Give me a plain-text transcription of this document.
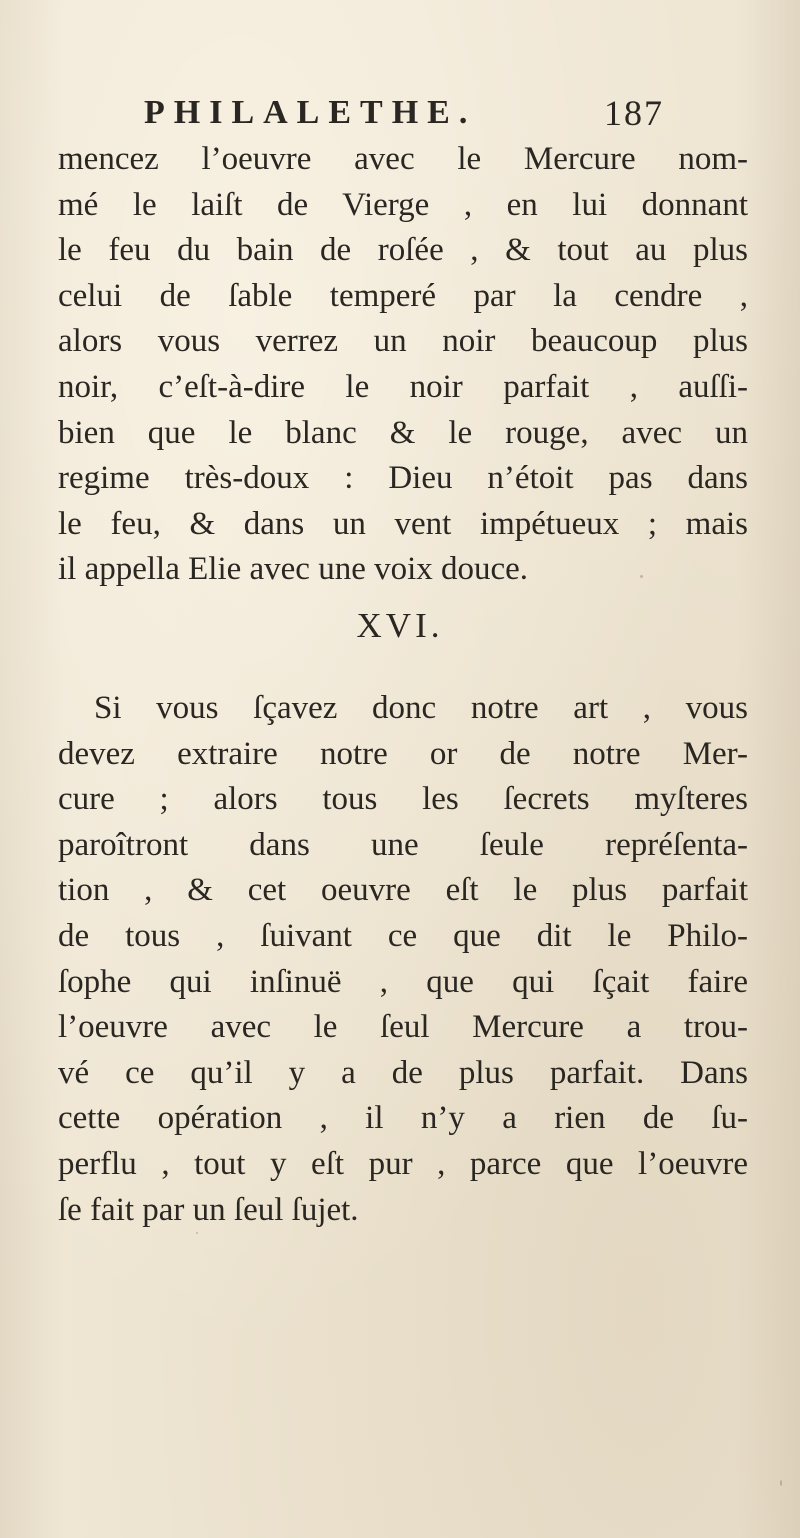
PHILALETHE.	187
mencez l’oeuvre avec le Mercure nom-
mé le laiſt de Vierge , en lui donnant
le feu du bain de roſée , & tout au plus
celui de ſable temperé par la cendre ,
alors vous verrez un noir beaucoup plus
noir, c’eſt-à-dire le noir parfait , auſſi-
bien que le blanc & le rouge, avec un
regime très-doux : Dieu n’étoit pas dans
le feu, & dans un vent impétueux ; mais
il appella Elie avec une voix douce.
XVI.
Si vous ſçavez donc notre art , vous
devez extraire notre or de notre Mer-
cure ; alors tous les ſecrets myſteres
paroîtront dans une ſeule repréſenta-
tion , & cet oeuvre eſt le plus parfait
de tous , ſuivant ce que dit le Philo-
ſophe qui inſinuë , que qui ſçait faire
l’oeuvre avec le ſeul Mercure a trou-
vé ce qu’il y a de plus parfait. Dans
cette opération , il n’y a rien de ſu-
perflu , tout y eſt pur , parce que l’oeuvre
ſe fait par un ſeul ſujet.
